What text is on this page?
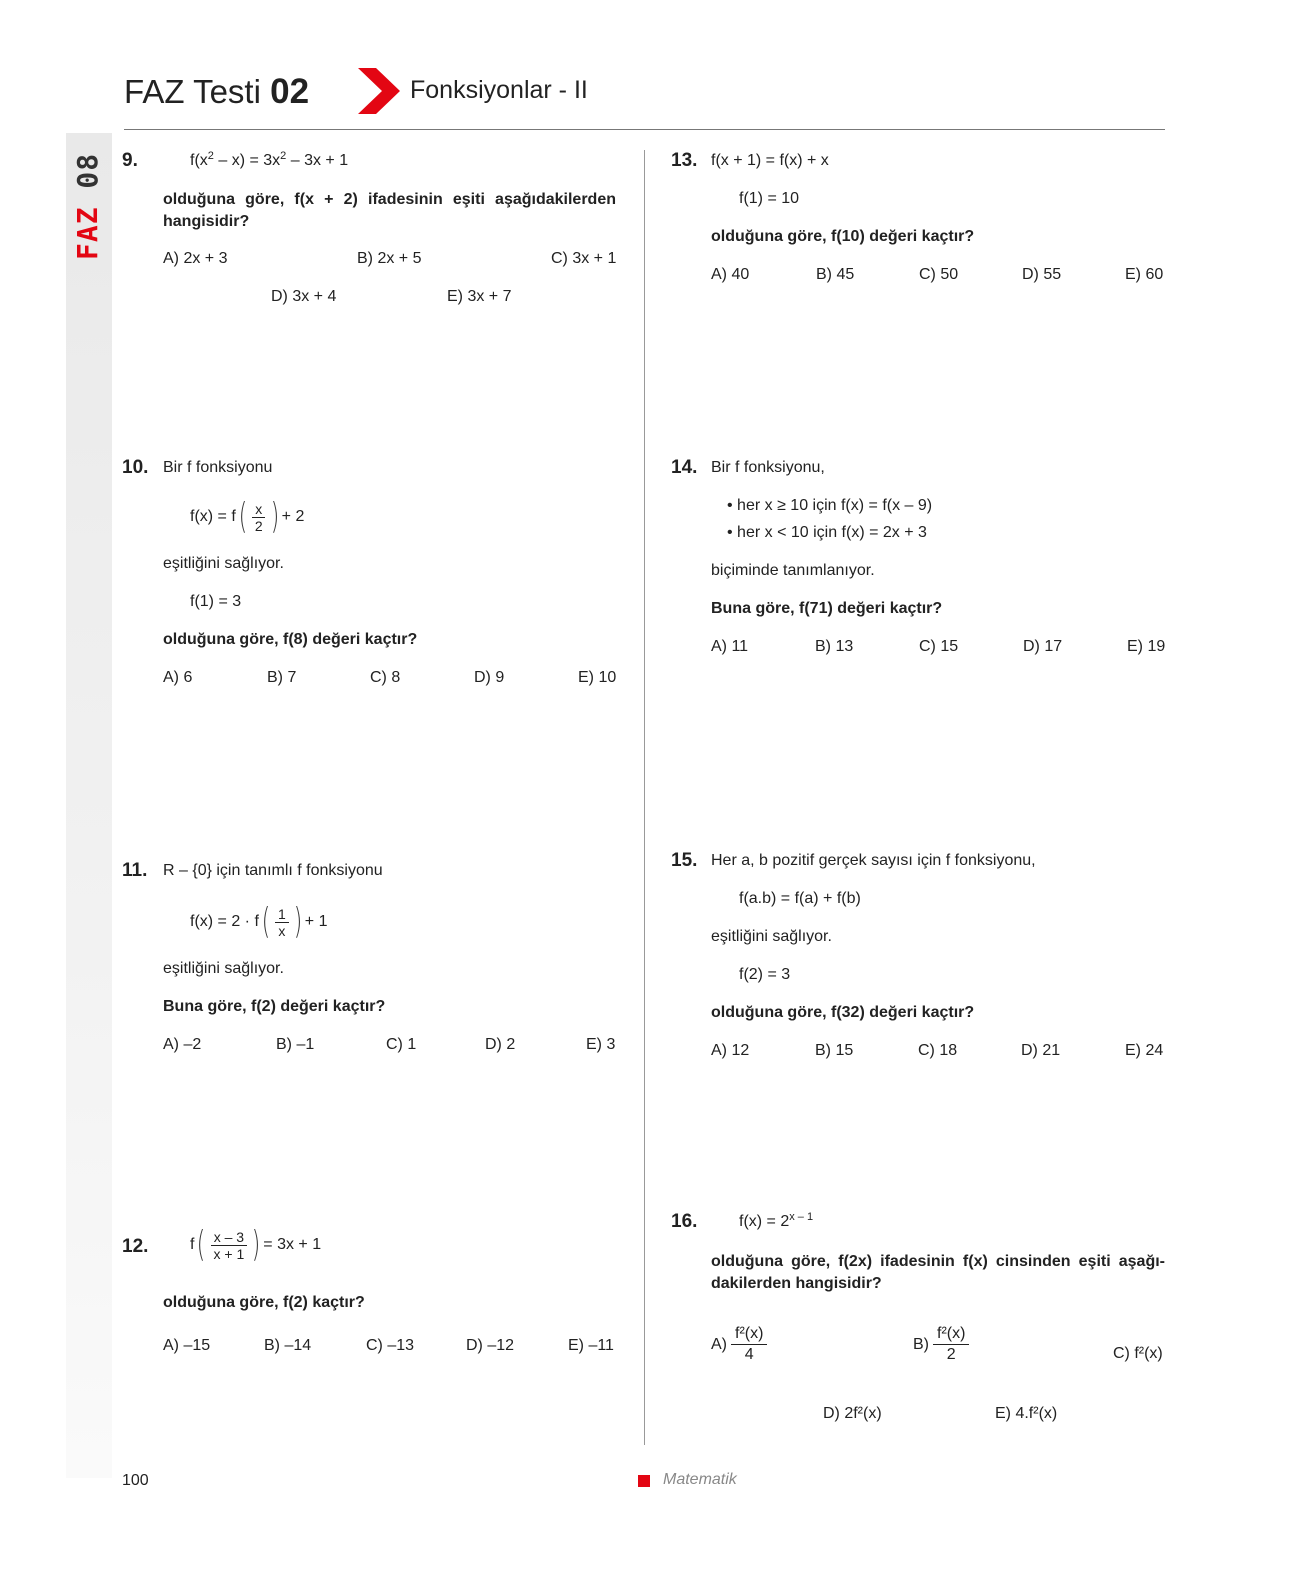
FAZ 08
FAZ Testi 02	Fonksiyonlar - II
9.	$f(x^2 - x) = 3x^2 - 3x + 1$
olduğuna göre, f(x + 2) ifadesinin eşiti aşağıdakilerden hangisidir?
A) 2x + 3	B) 2x + 5	C) 3x + 1
D) 3x + 4	E) 3x + 7
10. Bir f fonksiyonu
f(x) = f ( $\frac{x}{2}$ ) + 2
eşitliğini sağlıyor.
f(1) = 3
olduğuna göre, f(8) değeri kaçtır?
A) 6	B) 7	C) 8	D) 9	E) 10
11. R – {0} için tanımlı f fonksiyonu
f(x) = 2 · f ( $\frac{1}{x}$ ) + 1
eşitliğini sağlıyor.
Buna göre, f(2) değeri kaçtır?
A) –2	B) –1	C) 1	D) 2	E) 3
12.	f ( $\frac{x - 3}{x + 1}$ ) = 3x + 1
olduğuna göre, f(2) kaçtır?
A) –15	B) –14	C) –13	D) –12	E) –11
13. f(x + 1) = f(x) + x
f(1) = 10
olduğuna göre, f(10) değeri kaçtır?
A) 40	B) 45	C) 50	D) 55	E) 60
14. Bir f fonksiyonu,
• her x ≥ 10 için f(x) = f(x – 9)
• her x < 10 için f(x) = 2x + 3
biçiminde tanımlanıyor.
Buna göre, f(71) değeri kaçtır?
A) 11	B) 13	C) 15	D) 17	E) 19
15. Her a, b pozitif gerçek sayısı için f fonksiyonu,
f(a.b) = f(a) + f(b)
eşitliğini sağlıyor.
f(2) = 3
olduğuna göre, f(32) değeri kaçtır?
A) 12	B) 15	C) 18	D) 21	E) 24
16.	$f(x) = 2^{x - 1}$
olduğuna göre, f(2x) ifadesinin f(x) cinsinden eşiti aşağı-dakilerden hangisidir?
$A) \frac{\text{f²(x)}}{4}$	$B) \frac{\text{f²(x)}}{2}$	C) f²(x)
D) 2f²(x)	E) 4.f²(x)
100	Matematik
